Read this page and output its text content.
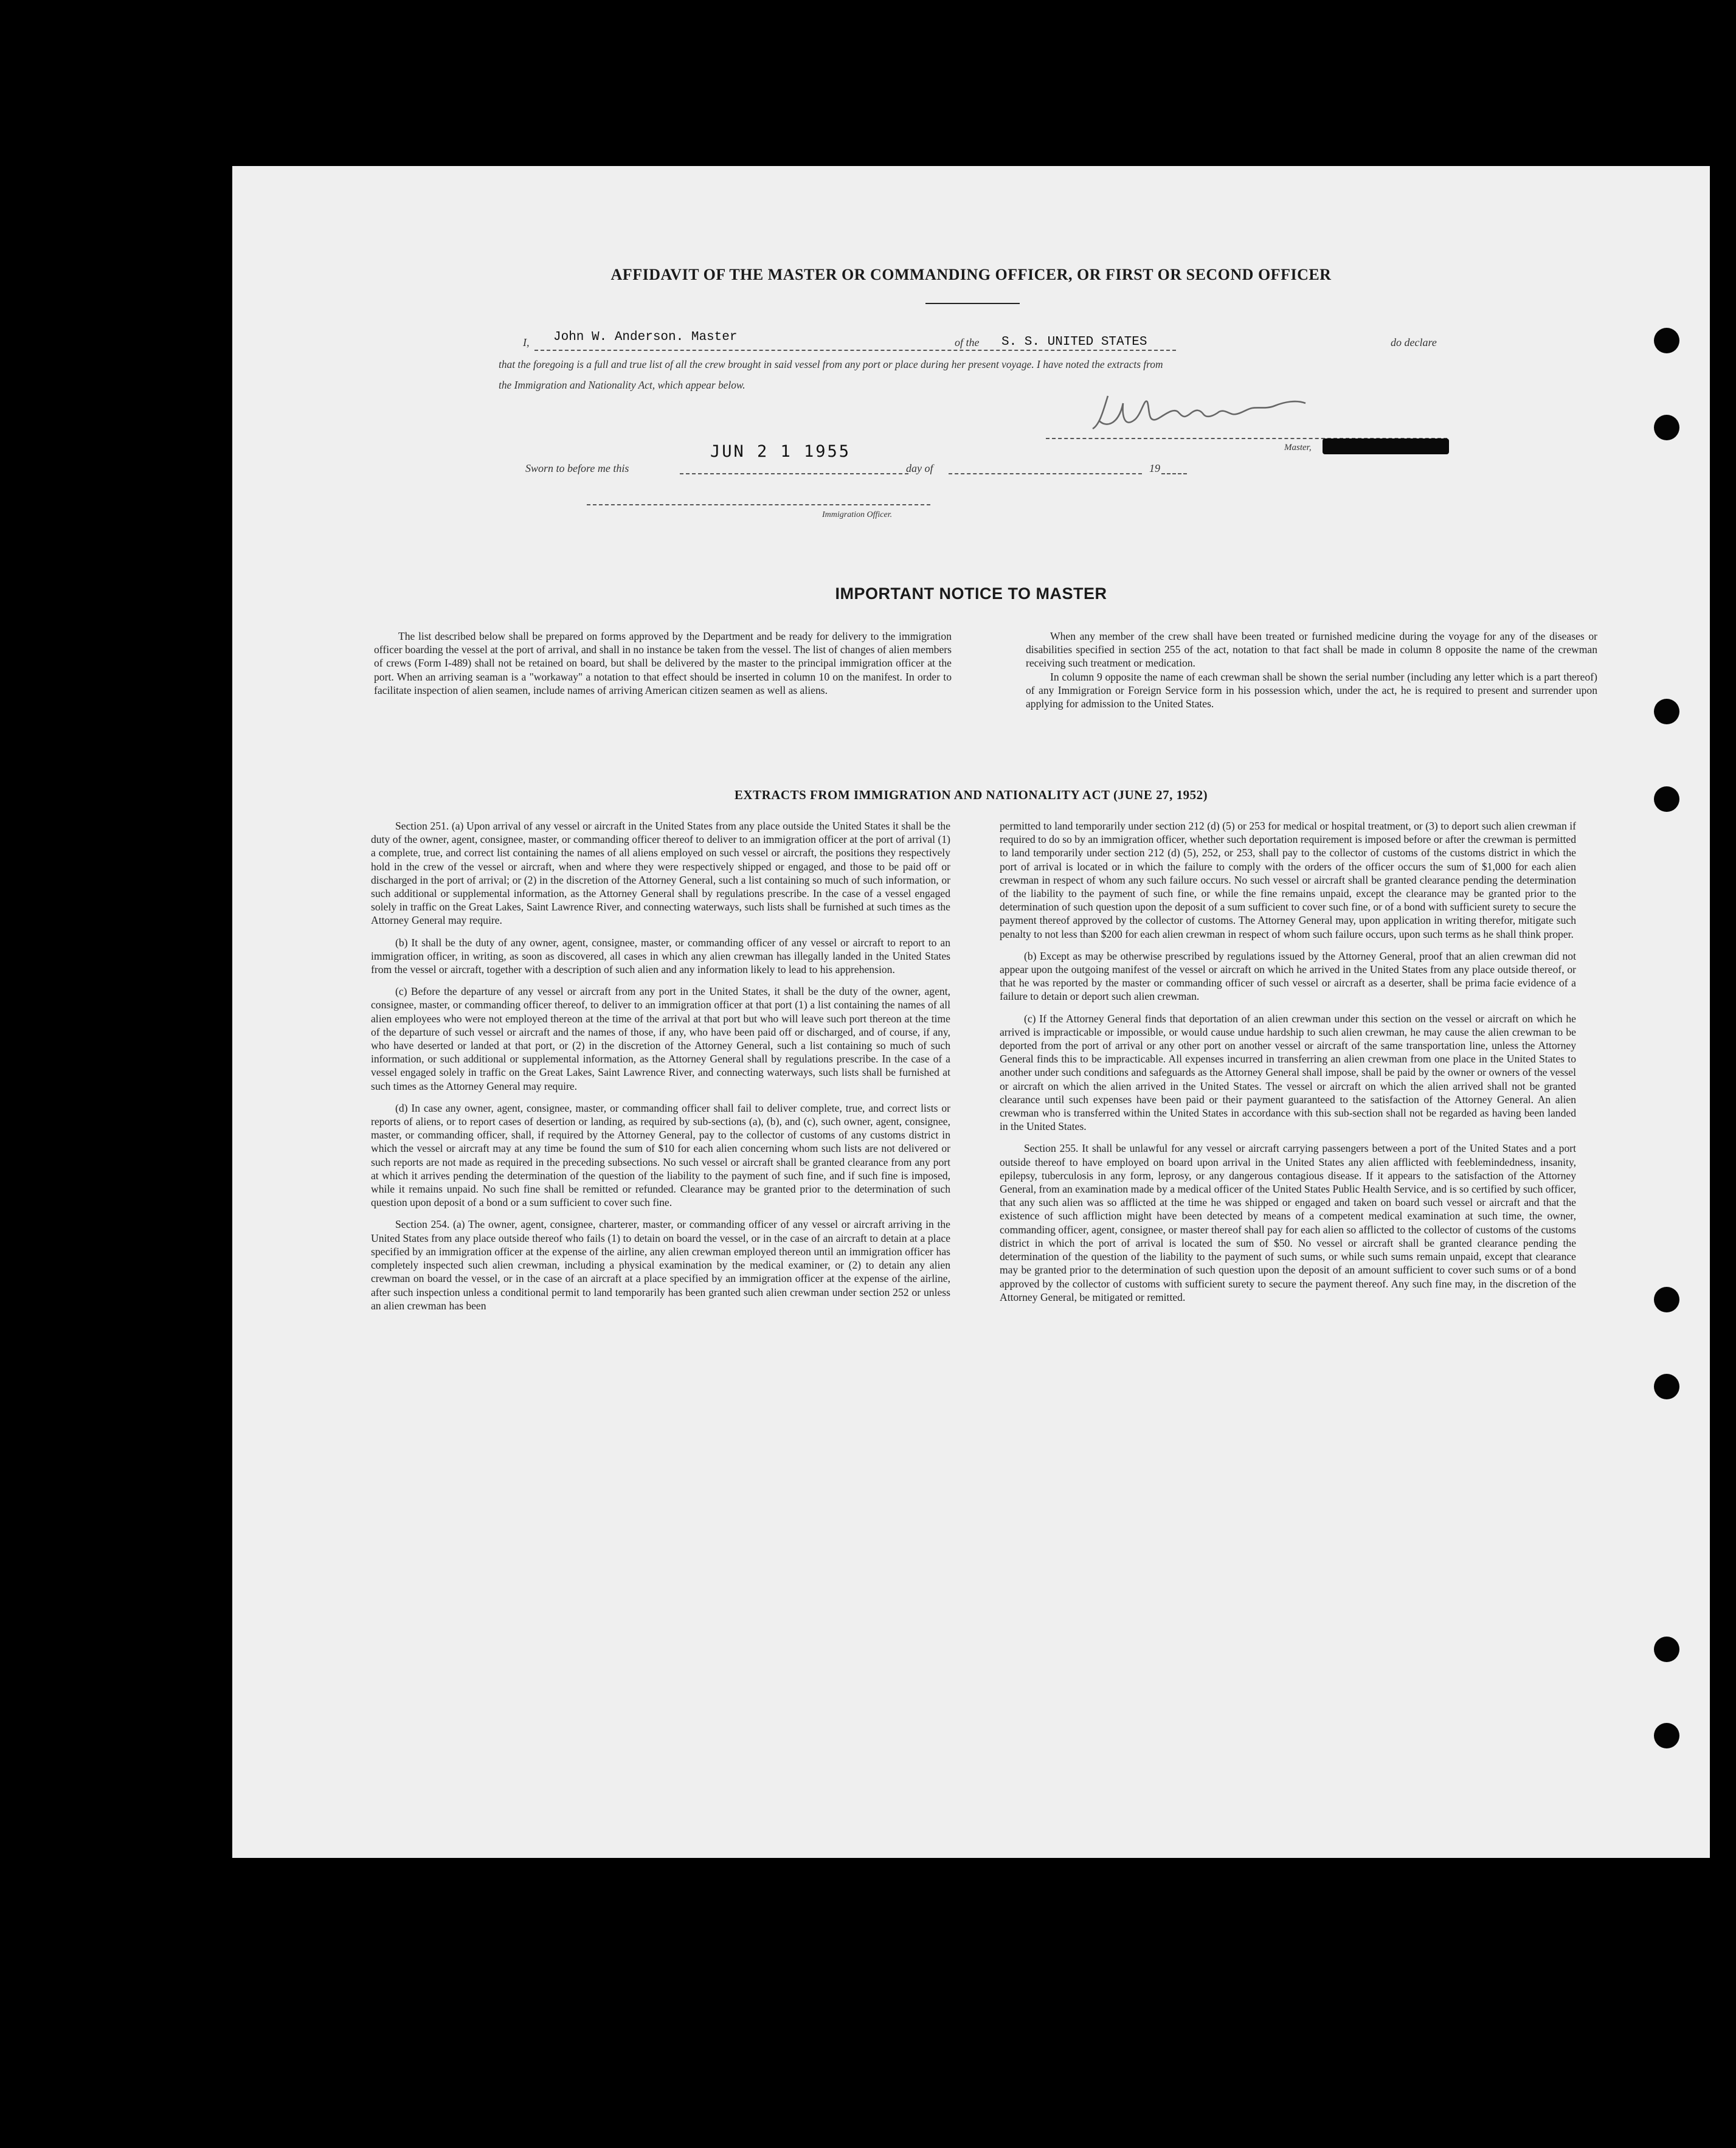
AFFIDAVIT OF THE MASTER OR COMMANDING OFFICER, OR FIRST OR SECOND OFFICER
I, John W. Anderson. Master	of the S. S. UNITED STATES	do declare
that the foregoing is a full and true list of all the crew brought in said vessel from any port or place during her present voyage. I have noted the extracts from
the Immigration and Nationality Act, which appear below.
Master,
Sworn to before me this
JUN 2 1 1955
day of	19
Immigration Officer.
IMPORTANT NOTICE TO MASTER

The list described below shall be prepared on forms approved by the Department and be ready for delivery to the immigration officer boarding the vessel at the port of arrival, and shall in no instance be taken from the vessel. The list of changes of alien members of crews (Form I-489) shall not be retained on board, but shall be delivered by the master to the principal immigration officer at the port. When an arriving seaman is a "workaway" a notation to that effect should be inserted in column 10 on the manifest. In order to facilitate inspection of alien seamen, include names of arriving American citizen seamen as well as aliens.

When any member of the crew shall have been treated or furnished medicine during the voyage for any of the diseases or disabilities specified in section 255 of the act, notation to that fact shall be made in column 8 opposite the name of the crewman receiving such treatment or medication.

In column 9 opposite the name of each crewman shall be shown the serial number (including any letter which is a part thereof) of any Immigration or Foreign Service form in his possession which, under the act, he is required to present and surrender upon applying for admission to the United States.

EXTRACTS FROM IMMIGRATION AND NATIONALITY ACT (JUNE 27, 1952)

Section 251. (a) Upon arrival of any vessel or aircraft in the United States from any place outside the United States it shall be the duty of the owner, agent, consignee, master, or commanding officer thereof to deliver to an immigration officer at the port of arrival (1) a complete, true, and correct list containing the names of all aliens employed on such vessel or aircraft, the positions they respectively hold in the crew of the vessel or aircraft, when and where they were respectively shipped or engaged, and those to be paid off or discharged in the port of arrival; or (2) in the discretion of the Attorney General, such a list containing so much of such information, or such additional or supplemental information, as the Attorney General shall by regulations prescribe. In the case of a vessel engaged solely in traffic on the Great Lakes, Saint Lawrence River, and connecting waterways, such lists shall be furnished at such times as the Attorney General may require.

(b) It shall be the duty of any owner, agent, consignee, master, or commanding officer of any vessel or aircraft to report to an immigration officer, in writing, as soon as discovered, all cases in which any alien crewman has illegally landed in the United States from the vessel or aircraft, together with a description of such alien and any information likely to lead to his apprehension.

(c) Before the departure of any vessel or aircraft from any port in the United States, it shall be the duty of the owner, agent, consignee, master, or commanding officer thereof, to deliver to an immigration officer at that port (1) a list containing the names of all alien employees who were not employed thereon at the time of the arrival at that port but who will leave such port thereon at the time of the departure of such vessel or aircraft and the names of those, if any, who have been paid off or discharged, and of course, if any, who have deserted or landed at that port, or (2) in the discretion of the Attorney General, such a list containing so much of such information, or such additional or supplemental information, as the Attorney General shall by regulations prescribe. In the case of a vessel engaged solely in traffic on the Great Lakes, Saint Lawrence River, and connecting waterways, such lists shall be furnished at such times as the Attorney General may require.

(d) In case any owner, agent, consignee, master, or commanding officer shall fail to deliver complete, true, and correct lists or reports of aliens, or to report cases of desertion or landing, as required by sub-sections (a), (b), and (c), such owner, agent, consignee, master, or commanding officer, shall, if required by the Attorney General, pay to the collector of customs of any customs district in which the vessel or aircraft may at any time be found the sum of $10 for each alien concerning whom such lists are not delivered or such reports are not made as required in the preceding subsections. No such vessel or aircraft shall be granted clearance from any port at which it arrives pending the determination of the question of the liability to the payment of such fine, and if such fine is imposed, while it remains unpaid. No such fine shall be remitted or refunded. Clearance may be granted prior to the determination of such question upon deposit of a bond or a sum sufficient to cover such fine.

Section 254. (a) The owner, agent, consignee, charterer, master, or commanding officer of any vessel or aircraft arriving in the United States from any place outside thereof who fails (1) to detain on board the vessel, or in the case of an aircraft to detain at a place specified by an immigration officer at the expense of the airline, any alien crewman employed thereon until an immigration officer has completely inspected such alien crewman, including a physical examination by the medical examiner, or (2) to detain any alien crewman on board the vessel, or in the case of an aircraft at a place specified by an immigration officer at the expense of the airline, after such inspection unless a conditional permit to land temporarily has been granted such alien crewman under section 252 or unless an alien crewman has been

permitted to land temporarily under section 212 (d) (5) or 253 for medical or hospital treatment, or (3) to deport such alien crewman if required to do so by an immigration officer, whether such deportation requirement is imposed before or after the crewman is permitted to land temporarily under section 212 (d) (5), 252, or 253, shall pay to the collector of customs of the customs district in which the port of arrival is located or in which the failure to comply with the orders of the officer occurs the sum of $1,000 for each alien crewman in respect of whom any such failure occurs. No such vessel or aircraft shall be granted clearance pending the determination of the liability to the payment of such fine, or while the fine remains unpaid, except the clearance may be granted prior to the determination of such question upon the deposit of a sum sufficient to cover such fine, or of a bond with sufficient surety to secure the payment thereof approved by the collector of customs. The Attorney General may, upon application in writing therefor, mitigate such penalty to not less than $200 for each alien crewman in respect of whom such failure occurs, upon such terms as he shall think proper.

(b) Except as may be otherwise prescribed by regulations issued by the Attorney General, proof that an alien crewman did not appear upon the outgoing manifest of the vessel or aircraft on which he arrived in the United States from any place outside thereof, or that he was reported by the master or commanding officer of such vessel or aircraft as a deserter, shall be prima facie evidence of a failure to detain or deport such alien crewman.

(c) If the Attorney General finds that deportation of an alien crewman under this section on the vessel or aircraft on which he arrived is impracticable or impossible, or would cause undue hardship to such alien crewman, he may cause the alien crewman to be deported from the port of arrival or any other port on another vessel or aircraft of the same transportation line, unless the Attorney General finds this to be impracticable. All expenses incurred in transferring an alien crewman from one place in the United States to another under such conditions and safeguards as the Attorney General shall impose, shall be paid by the owner or owners of the vessel or aircraft on which the alien arrived in the United States. The vessel or aircraft on which the alien arrived shall not be granted clearance until such expenses have been paid or their payment guaranteed to the satisfaction of the Attorney General. An alien crewman who is transferred within the United States in accordance with this sub-section shall not be regarded as having been landed in the United States.

Section 255. It shall be unlawful for any vessel or aircraft carrying passengers between a port of the United States and a port outside thereof to have employed on board upon arrival in the United States any alien afflicted with feeblemindedness, insanity, epilepsy, tuberculosis in any form, leprosy, or any dangerous contagious disease. If it appears to the satisfaction of the Attorney General, from an examination made by a medical officer of the United States Public Health Service, and is so certified by such officer, that any such alien was so afflicted at the time he was shipped or engaged and taken on board such vessel or aircraft and that the existence of such affliction might have been detected by means of a competent medical examination at such time, the owner, commanding officer, agent, consignee, or master thereof shall pay for each alien so afflicted to the collector of customs of the customs district in which the port of arrival is located the sum of $50. No vessel or aircraft shall be granted clearance pending the determination of the question of the liability to the payment of such sums, or while such sums remain unpaid, except that clearance may be granted prior to the determination of such question upon the deposit of an amount sufficient to cover such sums or of a bond approved by the collector of customs with sufficient surety to secure the payment thereof. Any such fine may, in the discretion of the Attorney General, be mitigated or remitted.
